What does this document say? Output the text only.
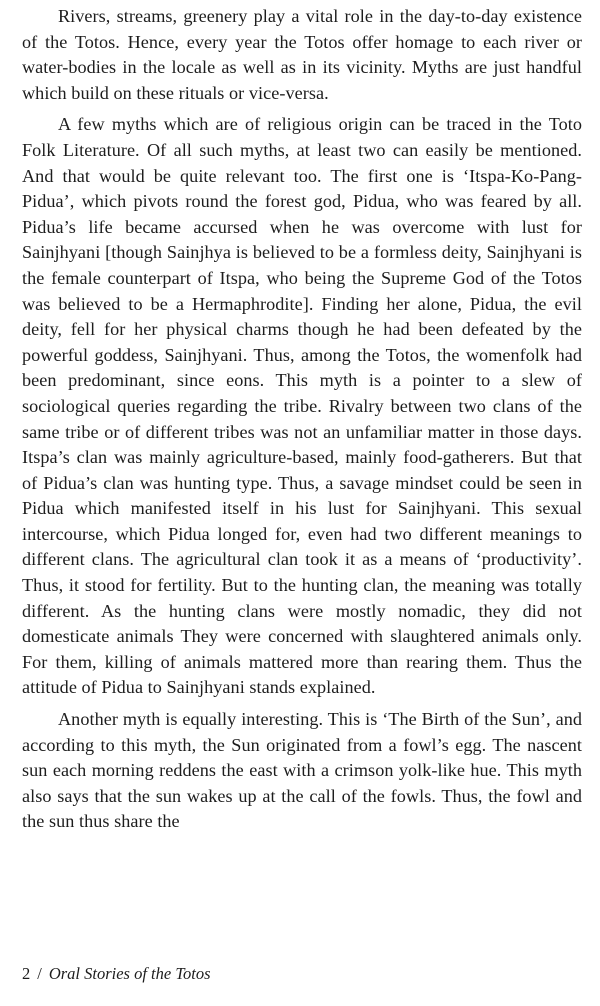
Rivers, streams, greenery play a vital role in the day-to-day existence of the Totos. Hence, every year the Totos offer homage to each river or water-bodies in the locale as well as in its vicinity. Myths are just handful which build on these rituals or vice-versa.

A few myths which are of religious origin can be traced in the Toto Folk Literature. Of all such myths, at least two can easily be mentioned. And that would be quite relevant too. The first one is ‘Itspa-Ko-Pang-Pidua’, which pivots round the forest god, Pidua, who was feared by all. Pidua’s life became accursed when he was overcome with lust for Sainjhyani [though Sainjhya is believed to be a formless deity, Sainjhyani is the female counterpart of Itspa, who being the Supreme God of the Totos was believed to be a Hermaphrodite]. Finding her alone, Pidua, the evil deity, fell for her physical charms though he had been defeated by the powerful goddess, Sainjhyani. Thus, among the Totos, the womenfolk had been predominant, since eons. This myth is a pointer to a slew of sociological queries regarding the tribe. Rivalry between two clans of the same tribe or of different tribes was not an unfamiliar matter in those days. Itspa’s clan was mainly agriculture-based, mainly food-gatherers. But that of Pidua’s clan was hunting type. Thus, a savage mindset could be seen in Pidua which manifested itself in his lust for Sainjhyani. This sexual intercourse, which Pidua longed for, even had two different meanings to different clans. The agricultural clan took it as a means of ‘productivity’. Thus, it stood for fertility. But to the hunting clan, the meaning was totally different. As the hunting clans were mostly nomadic, they did not domesticate animals They were concerned with slaughtered animals only. For them, killing of animals mattered more than rearing them. Thus the attitude of Pidua to Sainjhyani stands explained.

Another myth is equally interesting. This is ‘The Birth of the Sun’, and according to this myth, the Sun originated from a fowl’s egg. The nascent sun each morning reddens the east with a crimson yolk-like hue. This myth also says that the sun wakes up at the call of the fowls. Thus, the fowl and the sun thus share the

2 / Oral Stories of the Totos
